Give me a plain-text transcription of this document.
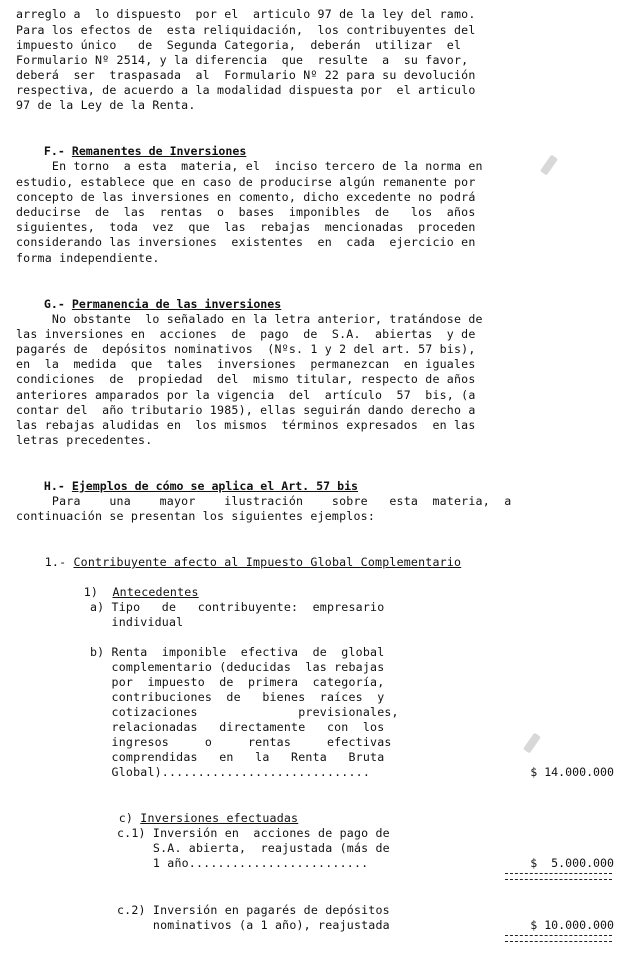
arreglo a  lo dispuesto  por el  articulo 97 de la ley del ramo.
Para los efectos de  esta reliquidación,  los contribuyentes del
impuesto único   de  Segunda Categoria,  deberán  utilizar  el
Formulario Nº 2514, y la diferencia  que  resulte  a  su favor,
deberá  ser  traspasada  al  Formulario Nº 22 para su devolución
respectiva, de acuerdo a la modalidad dispuesta por  el articulo
97 de la Ley de la Renta.

F.- Remanentes de Inversiones

En torno  a esta  materia, el  inciso tercero de la norma en
estudio, establece que en caso de producirse algún remanente por
concepto de las inversiones en comento, dicho excedente no podrá
deducirse  de  las  rentas  o  bases  imponibles  de   los  años
siguientes,  toda  vez  que  las  rebajas  mencionadas  proceden
considerando las inversiones  existentes  en  cada  ejercicio en
forma independiente.

G.- Permanencia de las inversiones

No obstante  lo señalado en la letra anterior, tratándose de
las inversiones en  acciones  de  pago  de  S.A.  abiertas  y de
pagarés de  depósitos nominativos  (Nºs. 1 y 2 del art. 57 bis),
en  la  medida  que  tales  inversiones  permanezcan  en iguales
condiciones  de  propiedad  del  mismo titular, respecto de años
anteriores amparados por la vigencia  del  artículo  57  bis, (a
contar del  año tributario 1985), ellas seguirán dando derecho a
las rebajas aludidas en  los mismos  términos expresados  en las
letras precedentes.

H.- Ejemplos de cómo se aplica el Art. 57 bis

Para    una    mayor    ilustración    sobre   esta  materia,  a
continuación se presentan los siguientes ejemplos:

1.- Contribuyente afecto al Impuesto Global Complementario

1)  Antecedentes

a) Tipo   de   contribuyente:  empresario
individual
b) Renta  imponible  efectiva  de  global
complementario (deducidas  las rebajas
por  impuesto  de  primera  categoría,
contribuciones  de   bienes  raíces  y
cotizaciones              previsionales,
relacionadas   directamente   con  los
ingresos     o     rentas     efectivas
comprendidas   en   la   Renta   Bruta
Global).............................	$ 14.000.000

c) Inversiones efectuadas

c.1) Inversión en  acciones de pago de
S.A. abierta,  reajustada (más de
1 año.........................	$  5.000.000
c.2) Inversión en pagarés de depósitos
nominativos (a 1 año), reajustada	$ 10.000.000
